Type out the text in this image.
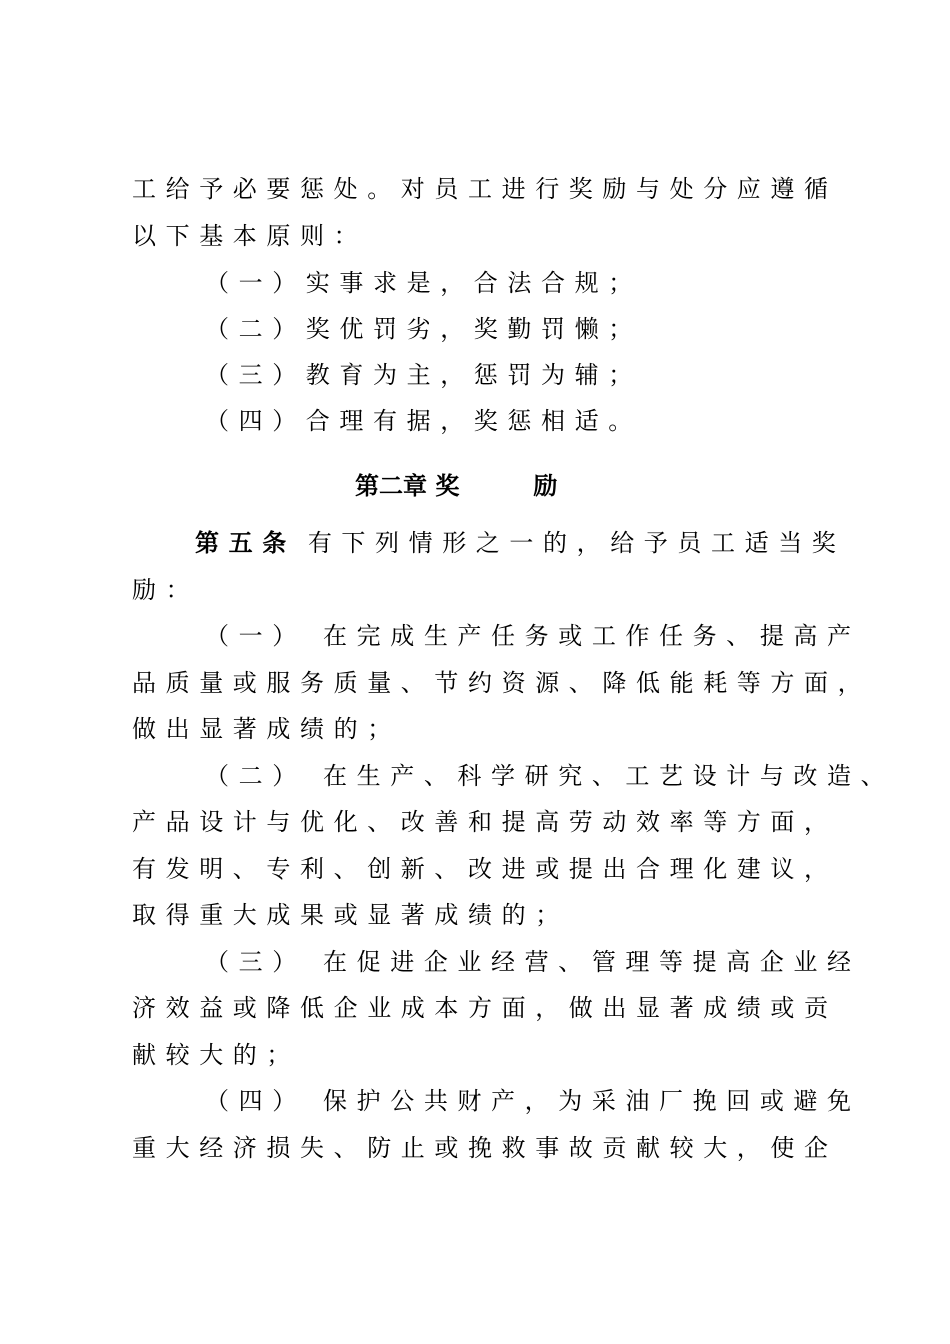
工给予必要惩处。对员工进行奖励与处分应遵循
以下基本原则：
（一）实事求是，合法合规；
（二）奖优罚劣，奖勤罚懒；
（三）教育为主，惩罚为辅；
（四）合理有据，奖惩相适。
第二章 奖	励
第五条 有下列情形之一的，给予员工适当奖
励：
（一） 在完成生产任务或工作任务、提高产
品质量或服务质量、节约资源、降低能耗等方面，
做出显著成绩的；
（二） 在生产、科学研究、工艺设计与改造、
产品设计与优化、改善和提高劳动效率等方面，
有发明、专利、创新、改进或提出合理化建议，
取得重大成果或显著成绩的；
（三） 在促进企业经营、管理等提高企业经
济效益或降低企业成本方面，做出显著成绩或贡
献较大的；
（四） 保护公共财产，为采油厂挽回或避免
重大经济损失、防止或挽救事故贡献较大，使企
